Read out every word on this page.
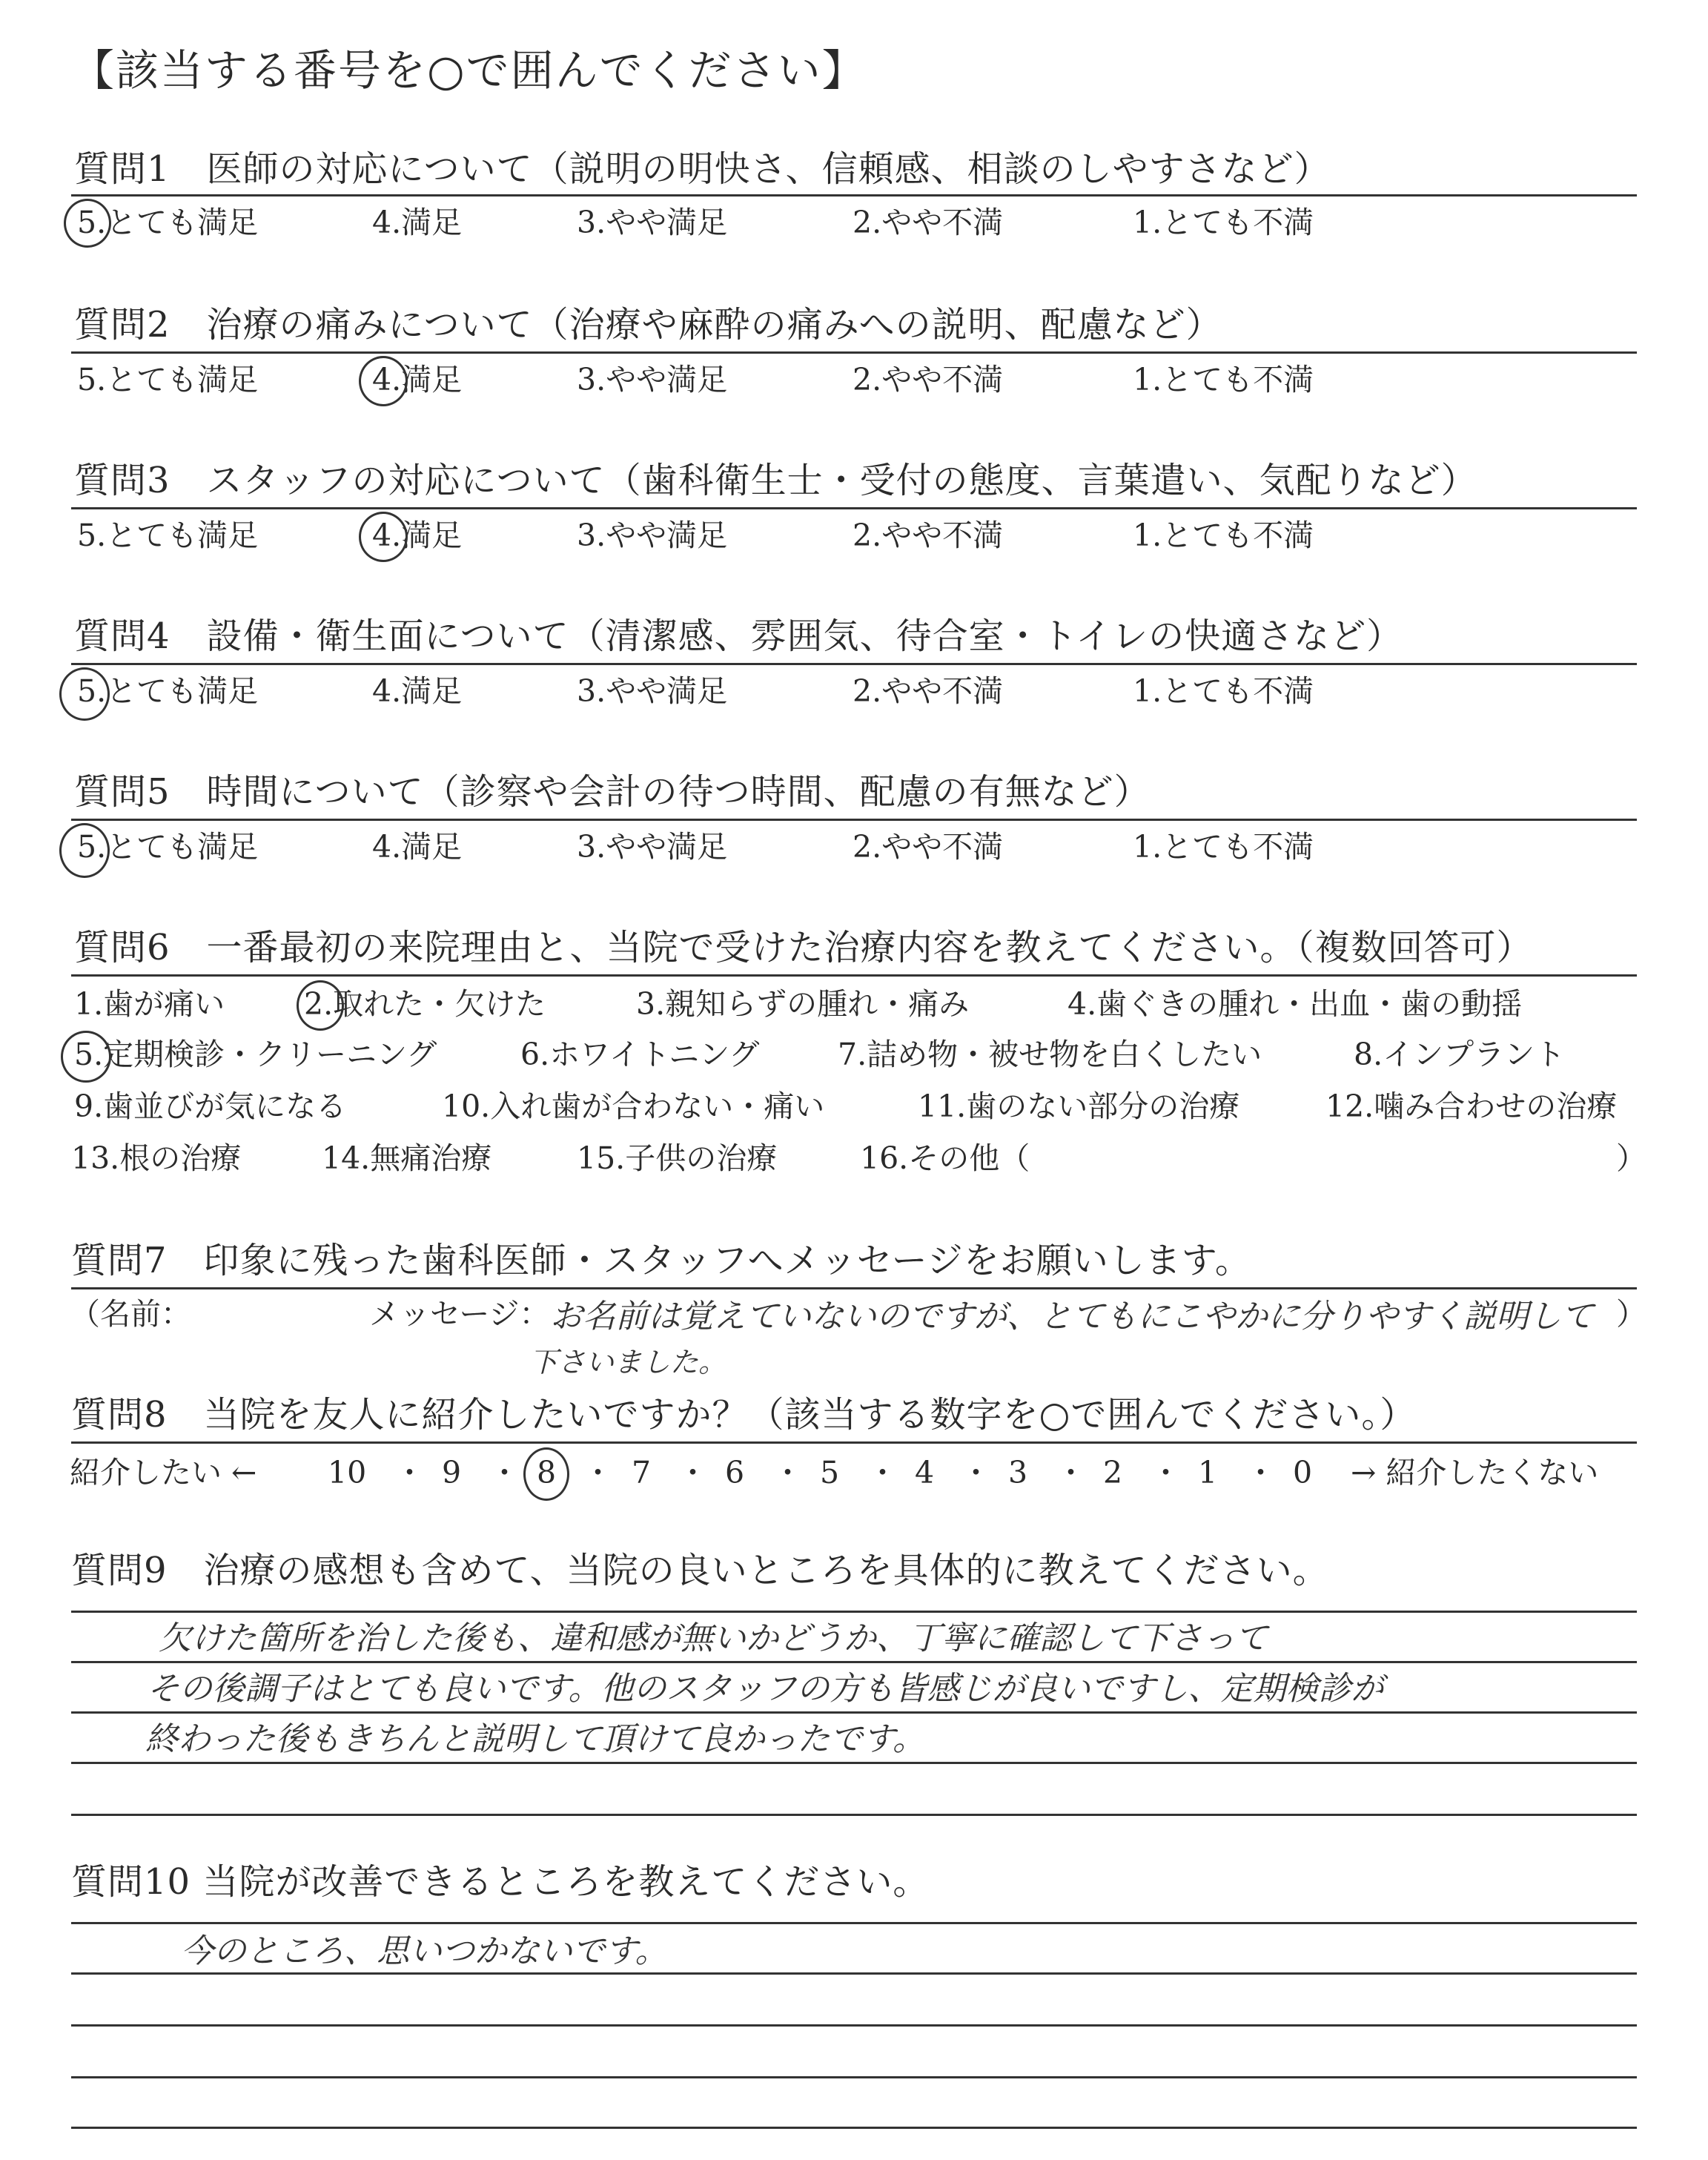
【該当する番号を○で囲んでください】
質問1　医師の対応について（説明の明快さ、信頼感、相談のしやすさなど）
5.とても満足	4.満足	3.やや満足	2.やや不満	1.とても不満
質問2　治療の痛みについて（治療や麻酔の痛みへの説明、配慮など）
5.とても満足	4.満足	3.やや満足	2.やや不満	1.とても不満
質問3　スタッフの対応について（歯科衛生士・受付の態度、言葉遣い、気配りなど）
5.とても満足	4.満足	3.やや満足	2.やや不満	1.とても不満
質問4　設備・衛生面について（清潔感、雰囲気、待合室・トイレの快適さなど）
5.とても満足	4.満足	3.やや満足	2.やや不満	1.とても不満
質問5　時間について（診察や会計の待つ時間、配慮の有無など）
5.とても満足	4.満足	3.やや満足	2.やや不満	1.とても不満
質問6　一番最初の来院理由と、当院で受けた治療内容を教えてください。（複数回答可）
1.歯が痛い	2.取れた・欠けた	3.親知らずの腫れ・痛み	4.歯ぐきの腫れ・出血・歯の動揺
5.定期検診・クリーニング	6.ホワイトニング	7.詰め物・被せ物を白くしたい	8.インプラント
9.歯並びが気になる	10.入れ歯が合わない・痛い	11.歯のない部分の治療	12.噛み合わせの治療
13.根の治療	14.無痛治療	15.子供の治療	16.その他（	）
質問7　印象に残った歯科医師・スタッフへメッセージをお願いします。
（名前：	メッセージ： お名前は覚えていないのですが、とてもにこやかに分りやすく説明して
下さいました。
）
質問8　当院を友人に紹介したいですか？（該当する数字を○で囲んでください。）
紹介したい ← 10 9 8 7 6 5 4 3 2 1 0
・ ・ ・ ・ ・ ・ ・ ・ ・ ・ → 紹介したくない
質問9　治療の感想も含めて、当院の良いところを具体的に教えてください。
欠けた箇所を治した後も、違和感が無いかどうか、丁寧に確認して下さって
その後調子はとても良いです。他のスタッフの方も皆感じが良いですし、定期検診が
終わった後もきちんと説明して頂けて良かったです。
質問10 当院が改善できるところを教えてください。
今のところ、思いつかないです。
